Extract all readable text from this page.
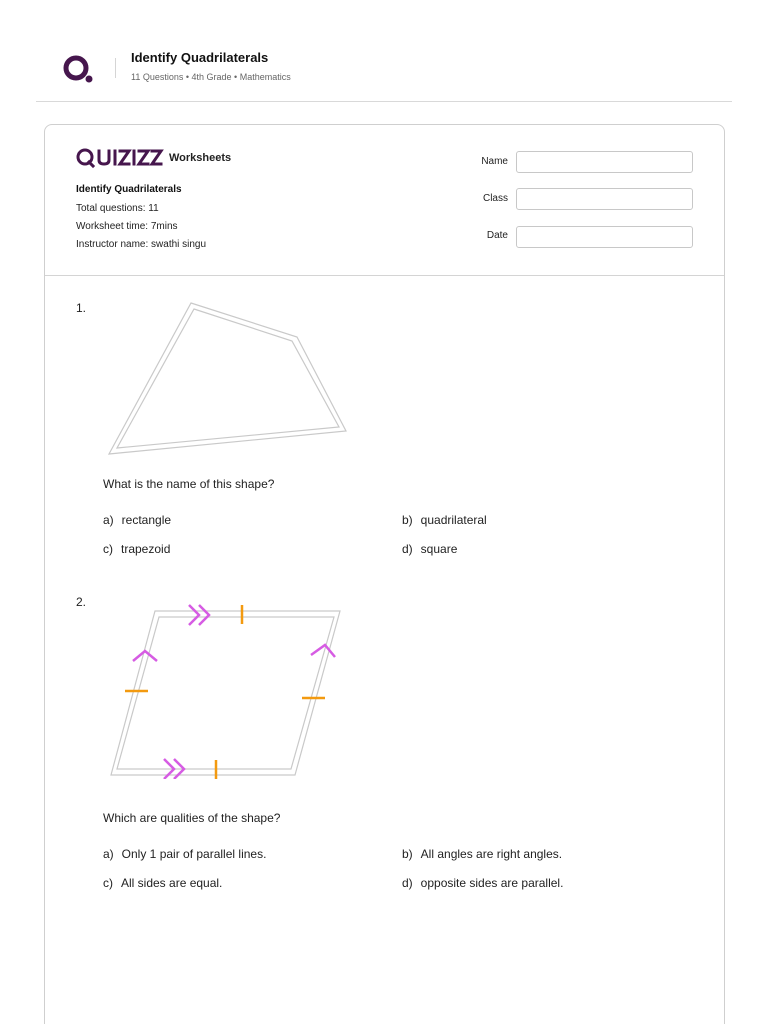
Identify Quadrilaterals
11 Questions • 4th Grade • Mathematics
Worksheets
Identify Quadrilaterals
Total questions: 11
Worksheet time: 7mins
Instructor name: swathi singu
Name
Class
Date
1.
What is the name of this shape?
a) rectangle	b) quadrilateral
c) trapezoid	d) square
2.
Which are qualities of the shape?
a) Only 1 pair of parallel lines.	b) All angles are right angles.
c) All sides are equal.	d) opposite sides are parallel.
